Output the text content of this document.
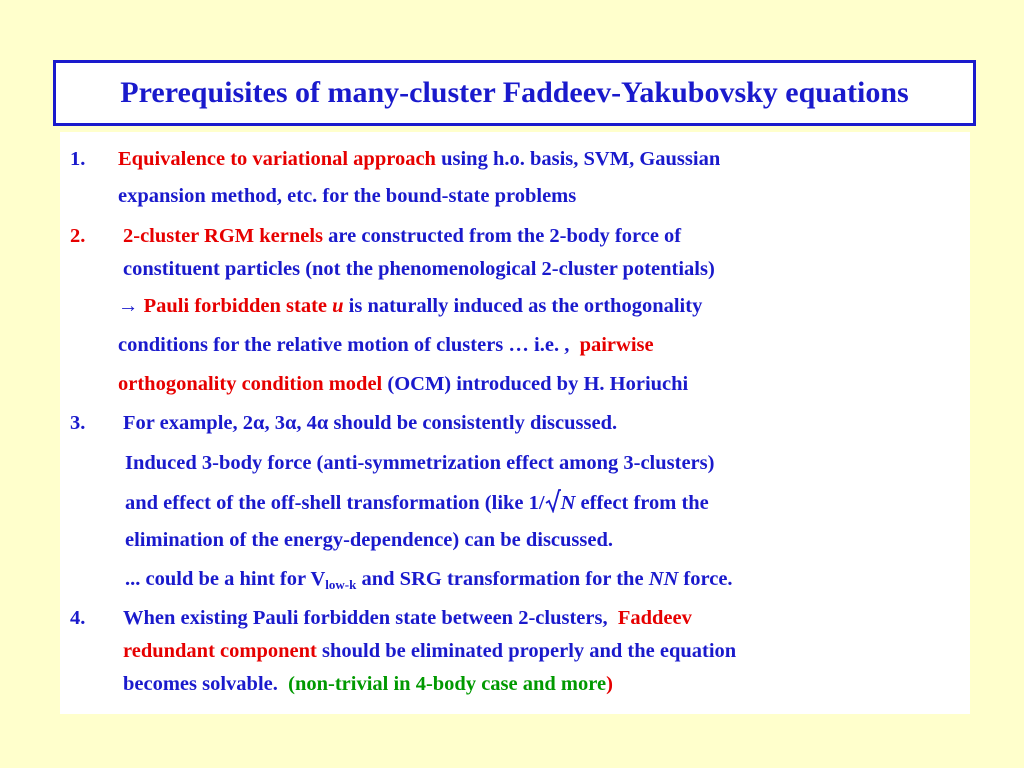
Prerequisites of many-cluster Faddeev-Yakubovsky equations
1. Equivalence to variational approach using h.o. basis, SVM, Gaussian
expansion method, etc. for the bound-state problems
2. 2-cluster RGM kernels are constructed from the 2-body force of
constituent particles (not the phenomenological 2-cluster potentials)
→ Pauli forbidden state u is naturally induced as the orthogonality
conditions for the relative motion of clusters … i.e. , pairwise
orthogonality condition model (OCM) introduced by H. Horiuchi
3. For example, 2α, 3α, 4α should be consistently discussed.
Induced 3-body force (anti-symmetrization effect among 3-clusters)
and effect of the off-shell transformation (like 1/ N effect from the
elimination of the energy-dependence) can be discussed.
... could be a hint for $V_{low-k}$ and SRG transformation for the NN force.
4. When existing Pauli forbidden state between 2-clusters, Faddeev
redundant component should be eliminated properly and the equation
becomes solvable. (non-trivial in 4-body case and more)
